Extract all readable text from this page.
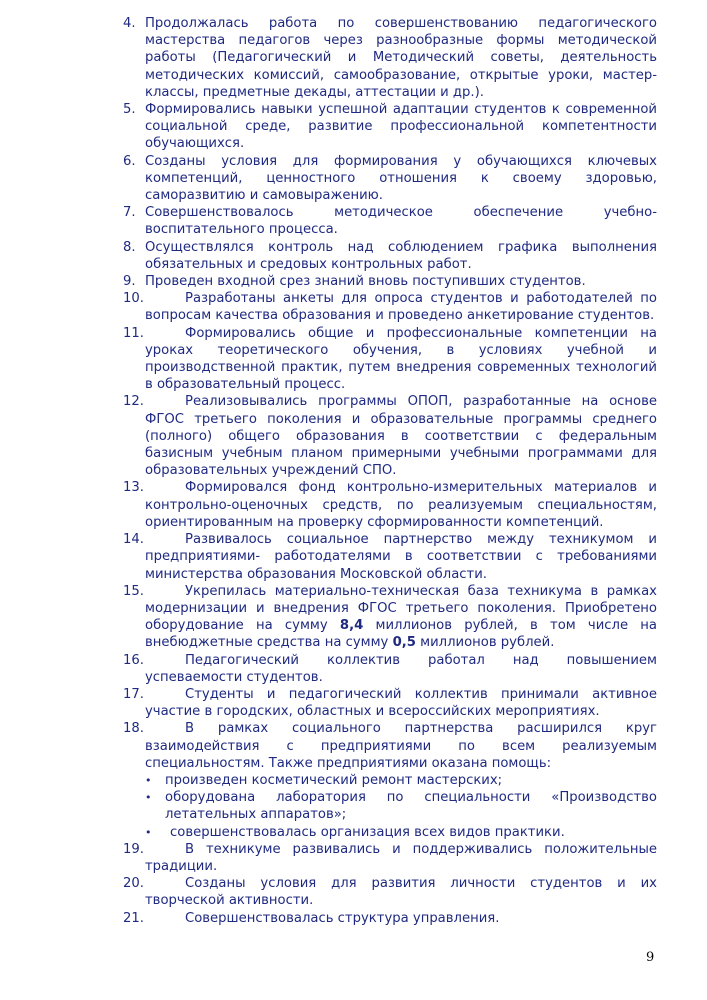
4. Продолжалась работа по совершенствованию педагогического мастерства педагогов через разнообразные формы методической работы (Педагогический и Методический советы, деятельность методических комиссий, самообразование, открытые уроки, мастер-классы, предметные декады, аттестации и др.).
5. Формировались навыки успешной адаптации студентов к современной социальной среде, развитие профессиональной компетентности обучающихся.
6. Созданы условия для формирования у обучающихся ключевых компетенций, ценностного отношения к своему здоровью, саморазвитию и самовыражению.
7. Совершенствовалось методическое обеспечение учебно-воспитательного процесса.
8. Осуществлялся контроль над соблюдением графика выполнения обязательных и средовых контрольных работ.
9. Проведен входной срез знаний вновь поступивших студентов.
10.	Разработаны анкеты для опроса студентов и работодателей по вопросам качества образования и проведено анкетирование студентов.
11.	Формировались общие и профессиональные компетенции на уроках теоретического обучения, в условиях учебной и производственной практик, путем внедрения современных технологий в образовательный процесс.
12.	Реализовывались программы ОПОП, разработанные на основе ФГОС третьего поколения и образовательные программы среднего (полного) общего образования в соответствии с федеральным базисным учебным планом примерными учебными программами для образовательных учреждений СПО.
13.	Формировался фонд контрольно-измерительных материалов и контрольно-оценочных средств, по реализуемым специальностям, ориентированным на проверку сформированности компетенций.
14.	Развивалось социальное партнерство между техникумом и предприятиями- работодателями в соответствии с требованиями министерства образования Московской области.
15.	Укрепилась материально-техническая база техникума в рамках модернизации и внедрения ФГОС третьего поколения. Приобретено оборудование на сумму 8,4 миллионов рублей, в том числе на внебюджетные средства на сумму 0,5 миллионов рублей.
16.	Педагогический коллектив работал над повышением успеваемости студентов.
17.	Студенты и педагогический коллектив принимали активное участие в городских, областных и всероссийских мероприятиях.
18.	В рамках социального партнерства расширился круг взаимодействия с предприятиями по всем реализуемым специальностям. Также предприятиями оказана помощь:
• произведен косметический ремонт мастерских;
• оборудована лаборатория по специальности «Производство летательных аппаратов»;
• совершенствовалась организация всех видов практики.
19.	В техникуме развивались и поддерживались положительные традиции.
20.	Созданы условия для развития личности студентов и их творческой активности.
21.	Совершенствовалась структура управления.
9
